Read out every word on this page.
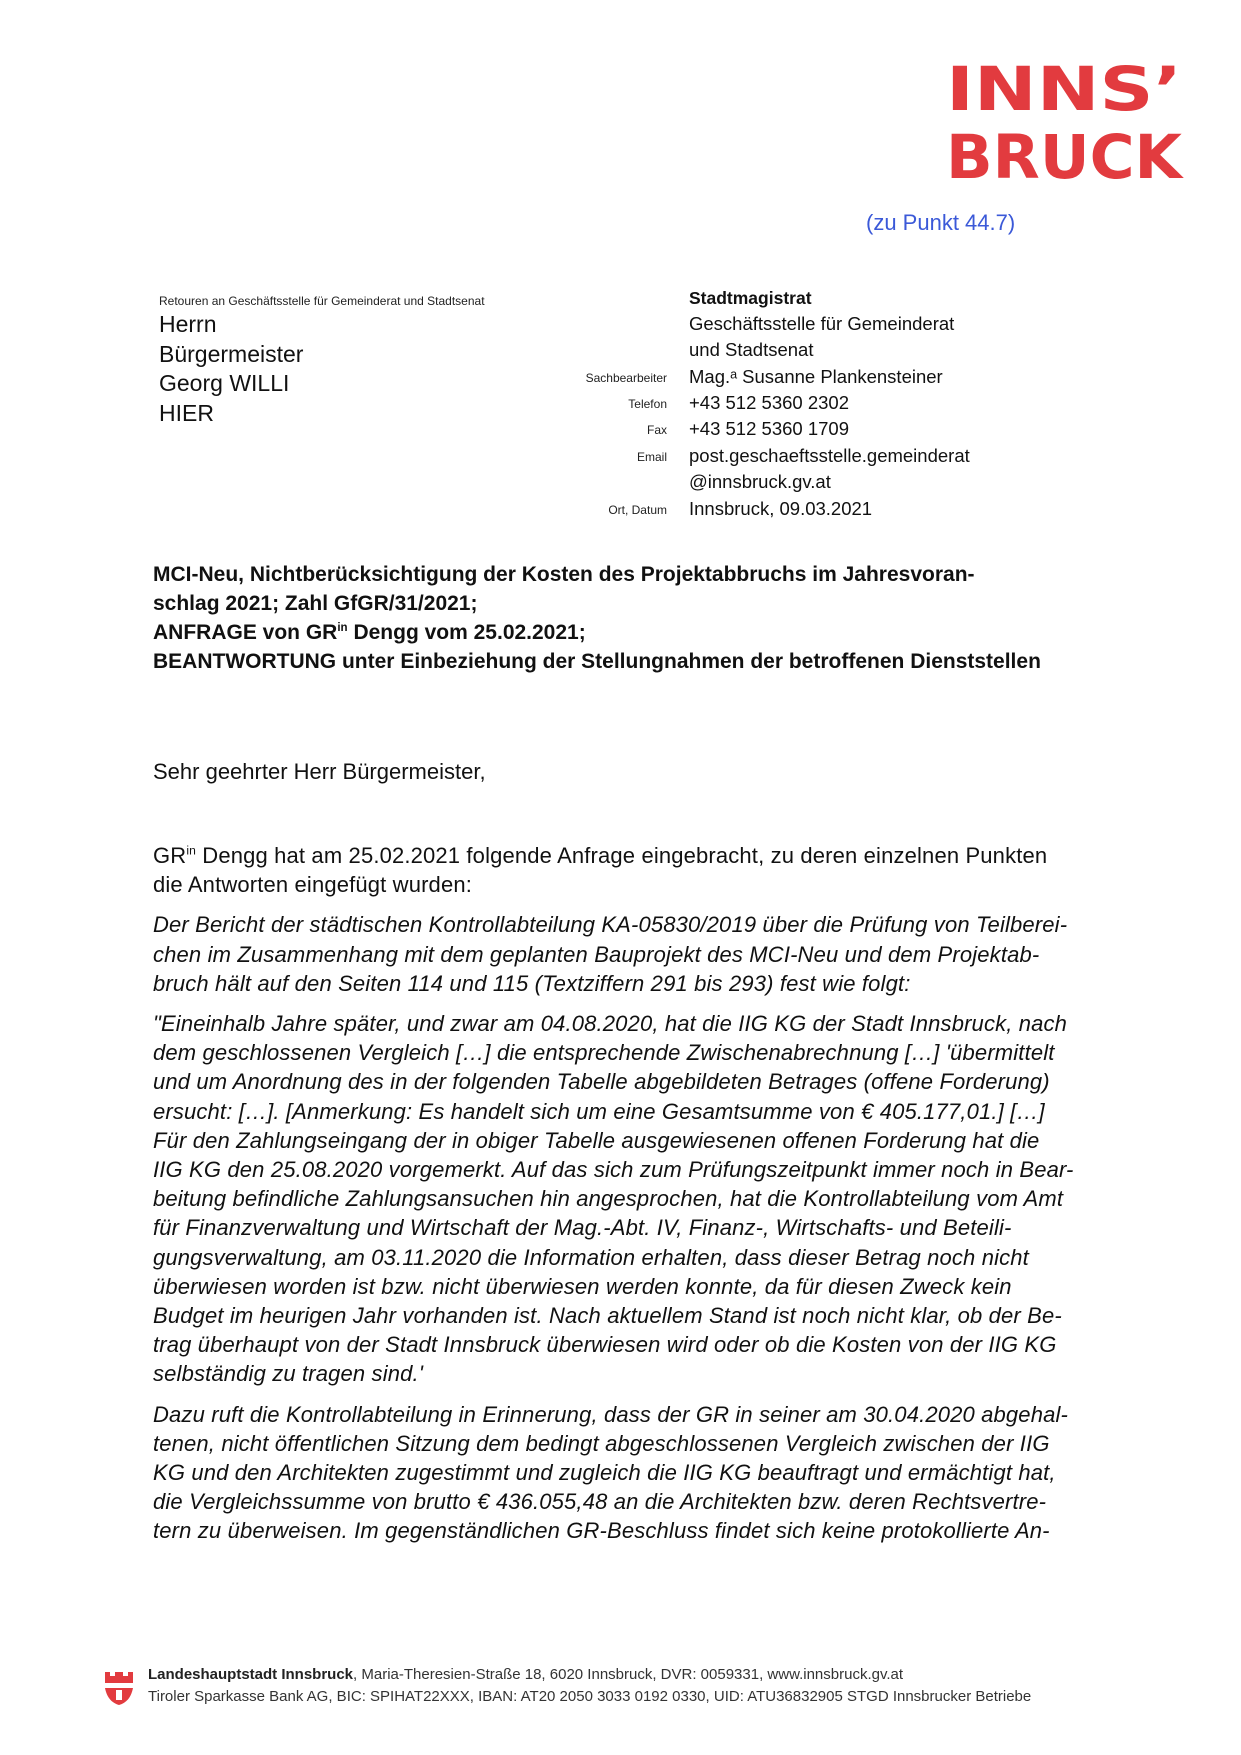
INNS’
BRUCK
(zu Punkt 44.7)
Retouren an Geschäftsstelle für Gemeinderat und Stadtsenat
Herrn
Bürgermeister
Georg WILLI
HIER
Stadtmagistrat
Geschäftsstelle für Gemeinderat
und Stadtsenat
Sachbearbeiter Mag.ᵃ Susanne Plankensteiner
Telefon +43 512 5360 2302
Fax +43 512 5360 1709
Email post.geschaeftsstelle.gemeinderat
@innsbruck.gv.at
Ort, Datum Innsbruck, 09.03.2021
MCI-Neu, Nichtberücksichtigung der Kosten des Projektabbruchs im Jahresvoran-
schlag 2021; Zahl GfGR/31/2021;
ANFRAGE von $GR^{in}$ Dengg vom 25.02.2021;
BEANTWORTUNG unter Einbeziehung der Stellungnahmen der betroffenen Dienststellen
Sehr geehrter Herr Bürgermeister,

$GR^{in}$ Dengg hat am 25.02.2021 folgende Anfrage eingebracht, zu deren einzelnen Punkten
die Antworten eingefügt wurden:

Der Bericht der städtischen Kontrollabteilung KA-05830/2019 über die Prüfung von Teilberei-
chen im Zusammenhang mit dem geplanten Bauprojekt des MCI-Neu und dem Projektab-
bruch hält auf den Seiten 114 und 115 (Textziffern 291 bis 293) fest wie folgt:

"Eineinhalb Jahre später, und zwar am 04.08.2020, hat die IIG KG der Stadt Innsbruck, nach
dem geschlossenen Vergleich […] die entsprechende Zwischenabrechnung […] 'übermittelt
und um Anordnung des in der folgenden Tabelle abgebildeten Betrages (offene Forderung)
ersucht: […]. [Anmerkung: Es handelt sich um eine Gesamtsumme von € 405.177,01.] […]
Für den Zahlungseingang der in obiger Tabelle ausgewiesenen offenen Forderung hat die
IIG KG den 25.08.2020 vorgemerkt. Auf das sich zum Prüfungszeitpunkt immer noch in Bear-
beitung befindliche Zahlungsansuchen hin angesprochen, hat die Kontrollabteilung vom Amt
für Finanzverwaltung und Wirtschaft der Mag.-Abt. IV, Finanz-, Wirtschafts- und Beteili-
gungsverwaltung, am 03.11.2020 die Information erhalten, dass dieser Betrag noch nicht
überwiesen worden ist bzw. nicht überwiesen werden konnte, da für diesen Zweck kein
Budget im heurigen Jahr vorhanden ist. Nach aktuellem Stand ist noch nicht klar, ob der Be-
trag überhaupt von der Stadt Innsbruck überwiesen wird oder ob die Kosten von der IIG KG
selbständig zu tragen sind.'

Dazu ruft die Kontrollabteilung in Erinnerung, dass der GR in seiner am 30.04.2020 abgehal-
tenen, nicht öffentlichen Sitzung dem bedingt abgeschlossenen Vergleich zwischen der IIG
KG und den Architekten zugestimmt und zugleich die IIG KG beauftragt und ermächtigt hat,
die Vergleichssumme von brutto € 436.055,48 an die Architekten bzw. deren Rechtsvertre-
tern zu überweisen. Im gegenständlichen GR-Beschluss findet sich keine protokollierte An-

Landeshauptstadt Innsbruck, Maria-Theresien-Straße 18, 6020 Innsbruck, DVR: 0059331, www.innsbruck.gv.at
Tiroler Sparkasse Bank AG, BIC: SPIHAT22XXX, IBAN: AT20 2050 3033 0192 0330, UID: ATU36832905 STGD Innsbrucker Betriebe
